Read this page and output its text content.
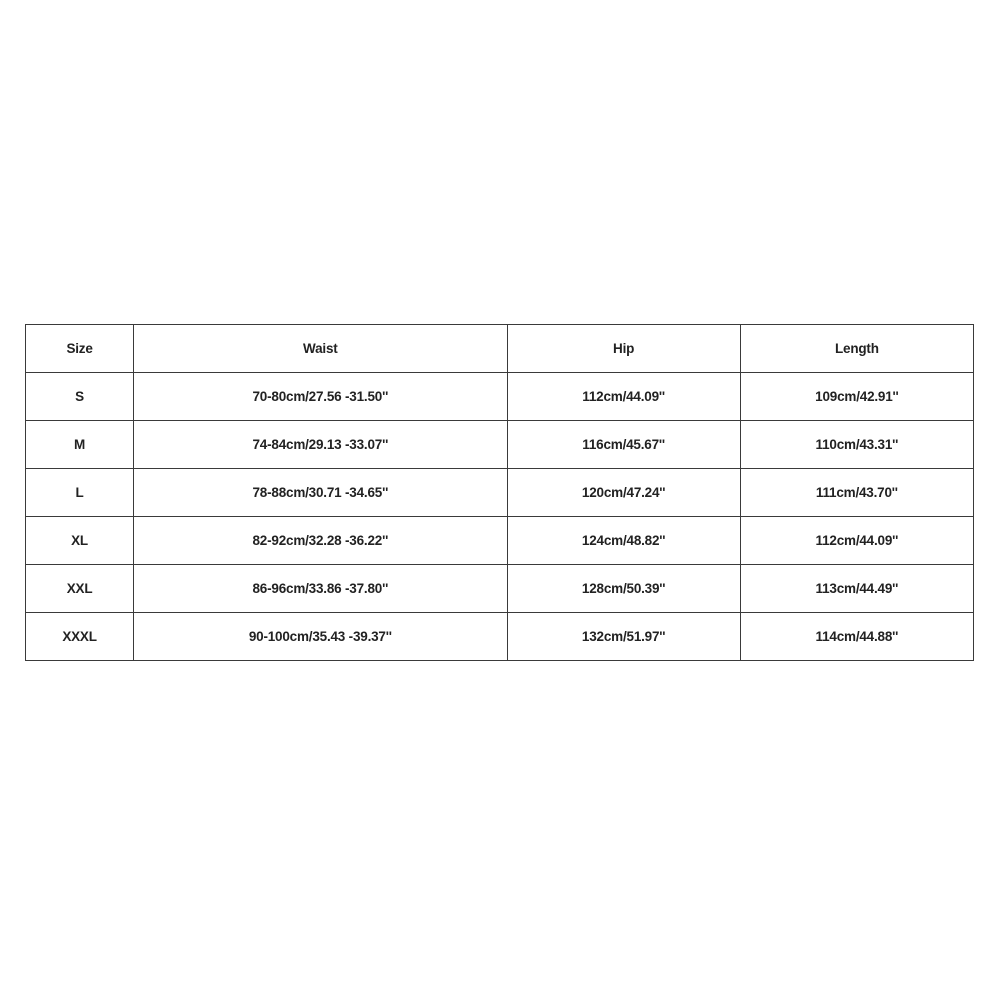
Size	Waist	Hip	Length
S	70-80cm/27.56 -31.50''	112cm/44.09''	109cm/42.91''
M	74-84cm/29.13 -33.07''	116cm/45.67''	110cm/43.31''
L	78-88cm/30.71 -34.65''	120cm/47.24''	111cm/43.70''
XL	82-92cm/32.28 -36.22''	124cm/48.82''	112cm/44.09''
XXL	86-96cm/33.86 -37.80''	128cm/50.39''	113cm/44.49''
XXXL	90-100cm/35.43 -39.37''	132cm/51.97''	114cm/44.88''
